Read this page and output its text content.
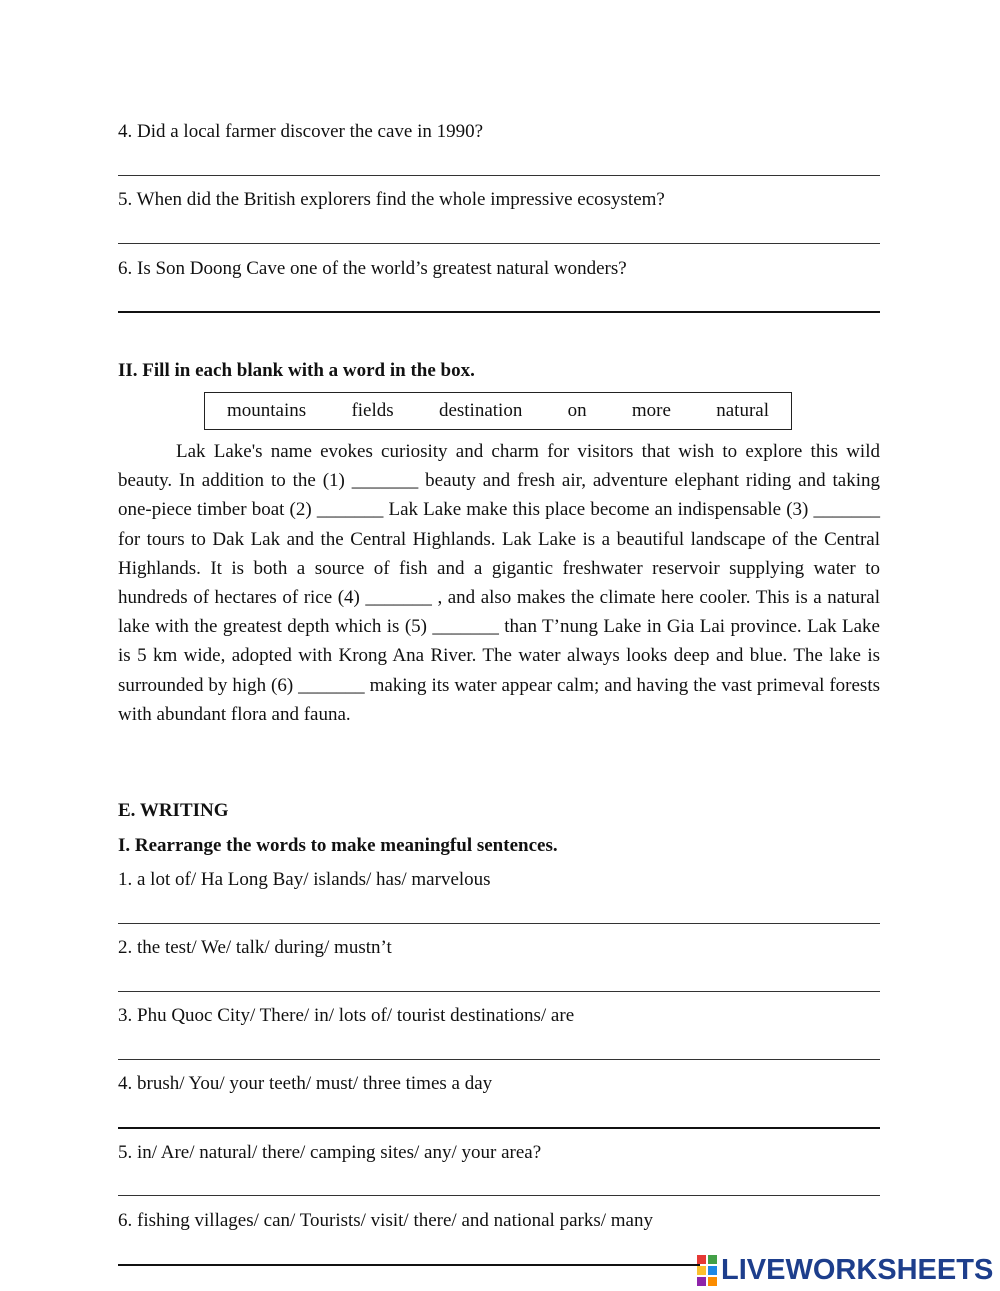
4. Did a local farmer discover the cave in 1990?
5. When did the British explorers find the whole impressive ecosystem?
6. Is Son Doong Cave one of the world’s greatest natural wonders?
II. Fill in each blank with a word in the box.
mountains fields destination on more natural

Lak Lake's name evokes curiosity and charm for visitors that wish to explore this wild beauty. In addition to the (1) _______ beauty and fresh air, adventure elephant riding and taking one-piece timber boat (2) _______ Lak Lake make this place become an indispensable (3) _______ for tours to Dak Lak and the Central Highlands. Lak Lake is a beautiful landscape of the Central Highlands. It is both a source of fish and a gigantic freshwater reservoir supplying water to hundreds of hectares of rice (4) _______ , and also makes the climate here cooler. This is a natural lake with the greatest depth which is (5) _______ than T’nung Lake in Gia Lai province. Lak Lake is 5 km wide, adopted with Krong Ana River. The water always looks deep and blue. The lake is surrounded by high (6) _______ making its water appear calm; and having the vast primeval forests with abundant flora and fauna.

E. WRITING
I. Rearrange the words to make meaningful sentences.
1. a lot of/ Ha Long Bay/ islands/ has/ marvelous
2. the test/ We/ talk/ during/ mustn’t
3. Phu Quoc City/ There/ in/ lots of/ tourist destinations/ are
4. brush/ You/ your teeth/ must/ three times a day
5. in/ Are/ natural/ there/ camping sites/ any/ your area?
6. fishing villages/ can/ Tourists/ visit/ there/ and national parks/ many
LIVEWORKSHEETS
